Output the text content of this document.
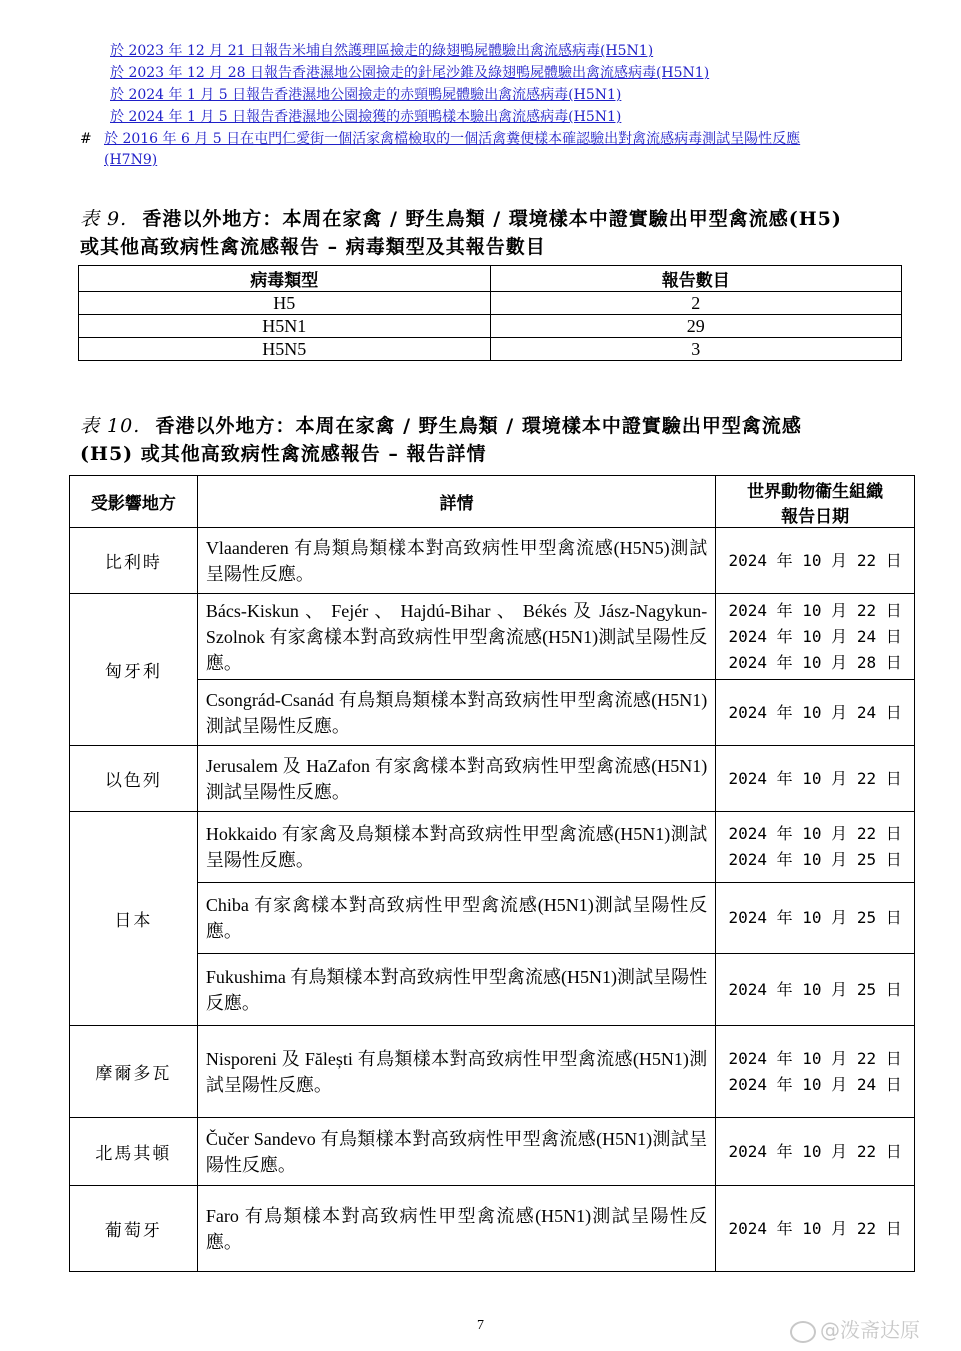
於 2023 年 12 月 21 日報告米埔自然護理區撿走的綠翅鴨屍體驗出禽流感病毒(H5N1)
於 2023 年 12 月 28 日報告香港濕地公園撿走的針尾沙錐及綠翅鴨屍體驗出禽流感病毒(H5N1)
於 2024 年 1 月 5 日報告香港濕地公園撿走的赤頸鴨屍體驗出禽流感病毒(H5N1)
於 2024 年 1 月 5 日報告香港濕地公園撿獲的赤頸鴨樣本驗出禽流感病毒(H5N1)
# 於 2016 年 6 月 5 日在屯門仁愛街一個活家禽檔檢取的一個活禽糞便樣本確認驗出對禽流感病毒測試呈陽性反應
(H7N9)
表 9. 香港以外地方：本周在家禽 / 野生鳥類 / 環境樣本中證實驗出甲型禽流感(H5)
或其他高致病性禽流感報告 – 病毒類型及其報告數目
病毒類型	報告數目
H5	2
H5N1	29
H5N5	3
表 10. 香港以外地方：本周在家禽 / 野生鳥類 / 環境樣本中證實驗出甲型禽流感
(H5) 或其他高致病性禽流感報告 – 報告詳情
受影響地方	詳情	世界動物衞生組織
報告日期

比利時	Vlaanderen 有鳥類鳥類樣本對高致病性甲型禽流感(H5N5)測試呈陽性反應。	2024 年 10 月 22 日

匈牙利	Bács-Kiskun 、 Fejér 、 Hajdú-Bihar 、 Békés 及 Jász-Nagykun-Szolnok 有家禽樣本對高致病性甲型禽流感(H5N1)測試呈陽性反應。	2024 年 10 月 22 日
2024 年 10 月 24 日
2024 年 10 月 28 日

	Csongrád-Csanád 有鳥類鳥類樣本對高致病性甲型禽流感(H5N1)測試呈陽性反應。	2024 年 10 月 24 日

以色列	Jerusalem 及 HaZafon 有家禽樣本對高致病性甲型禽流感(H5N1)測試呈陽性反應。	2024 年 10 月 22 日

日本	Hokkaido 有家禽及鳥類樣本對高致病性甲型禽流感(H5N1)測試呈陽性反應。	2024 年 10 月 22 日
2024 年 10 月 25 日

	Chiba 有家禽樣本對高致病性甲型禽流感(H5N1)測試呈陽性反應。	2024 年 10 月 25 日

	Fukushima 有鳥類樣本對高致病性甲型禽流感(H5N1)測試呈陽性反應。	2024 年 10 月 25 日

摩爾多瓦	Nisporeni 及 Fălești 有鳥類樣本對高致病性甲型禽流感(H5N1)測試呈陽性反應。	2024 年 10 月 22 日
2024 年 10 月 24 日

北馬其頓	Čučer Sandevo 有鳥類樣本對高致病性甲型禽流感(H5N1)測試呈陽性反應。	2024 年 10 月 22 日

葡萄牙	Faro 有鳥類樣本對高致病性甲型禽流感(H5N1)測試呈陽性反應。	2024 年 10 月 22 日
7	@泼斋达原
